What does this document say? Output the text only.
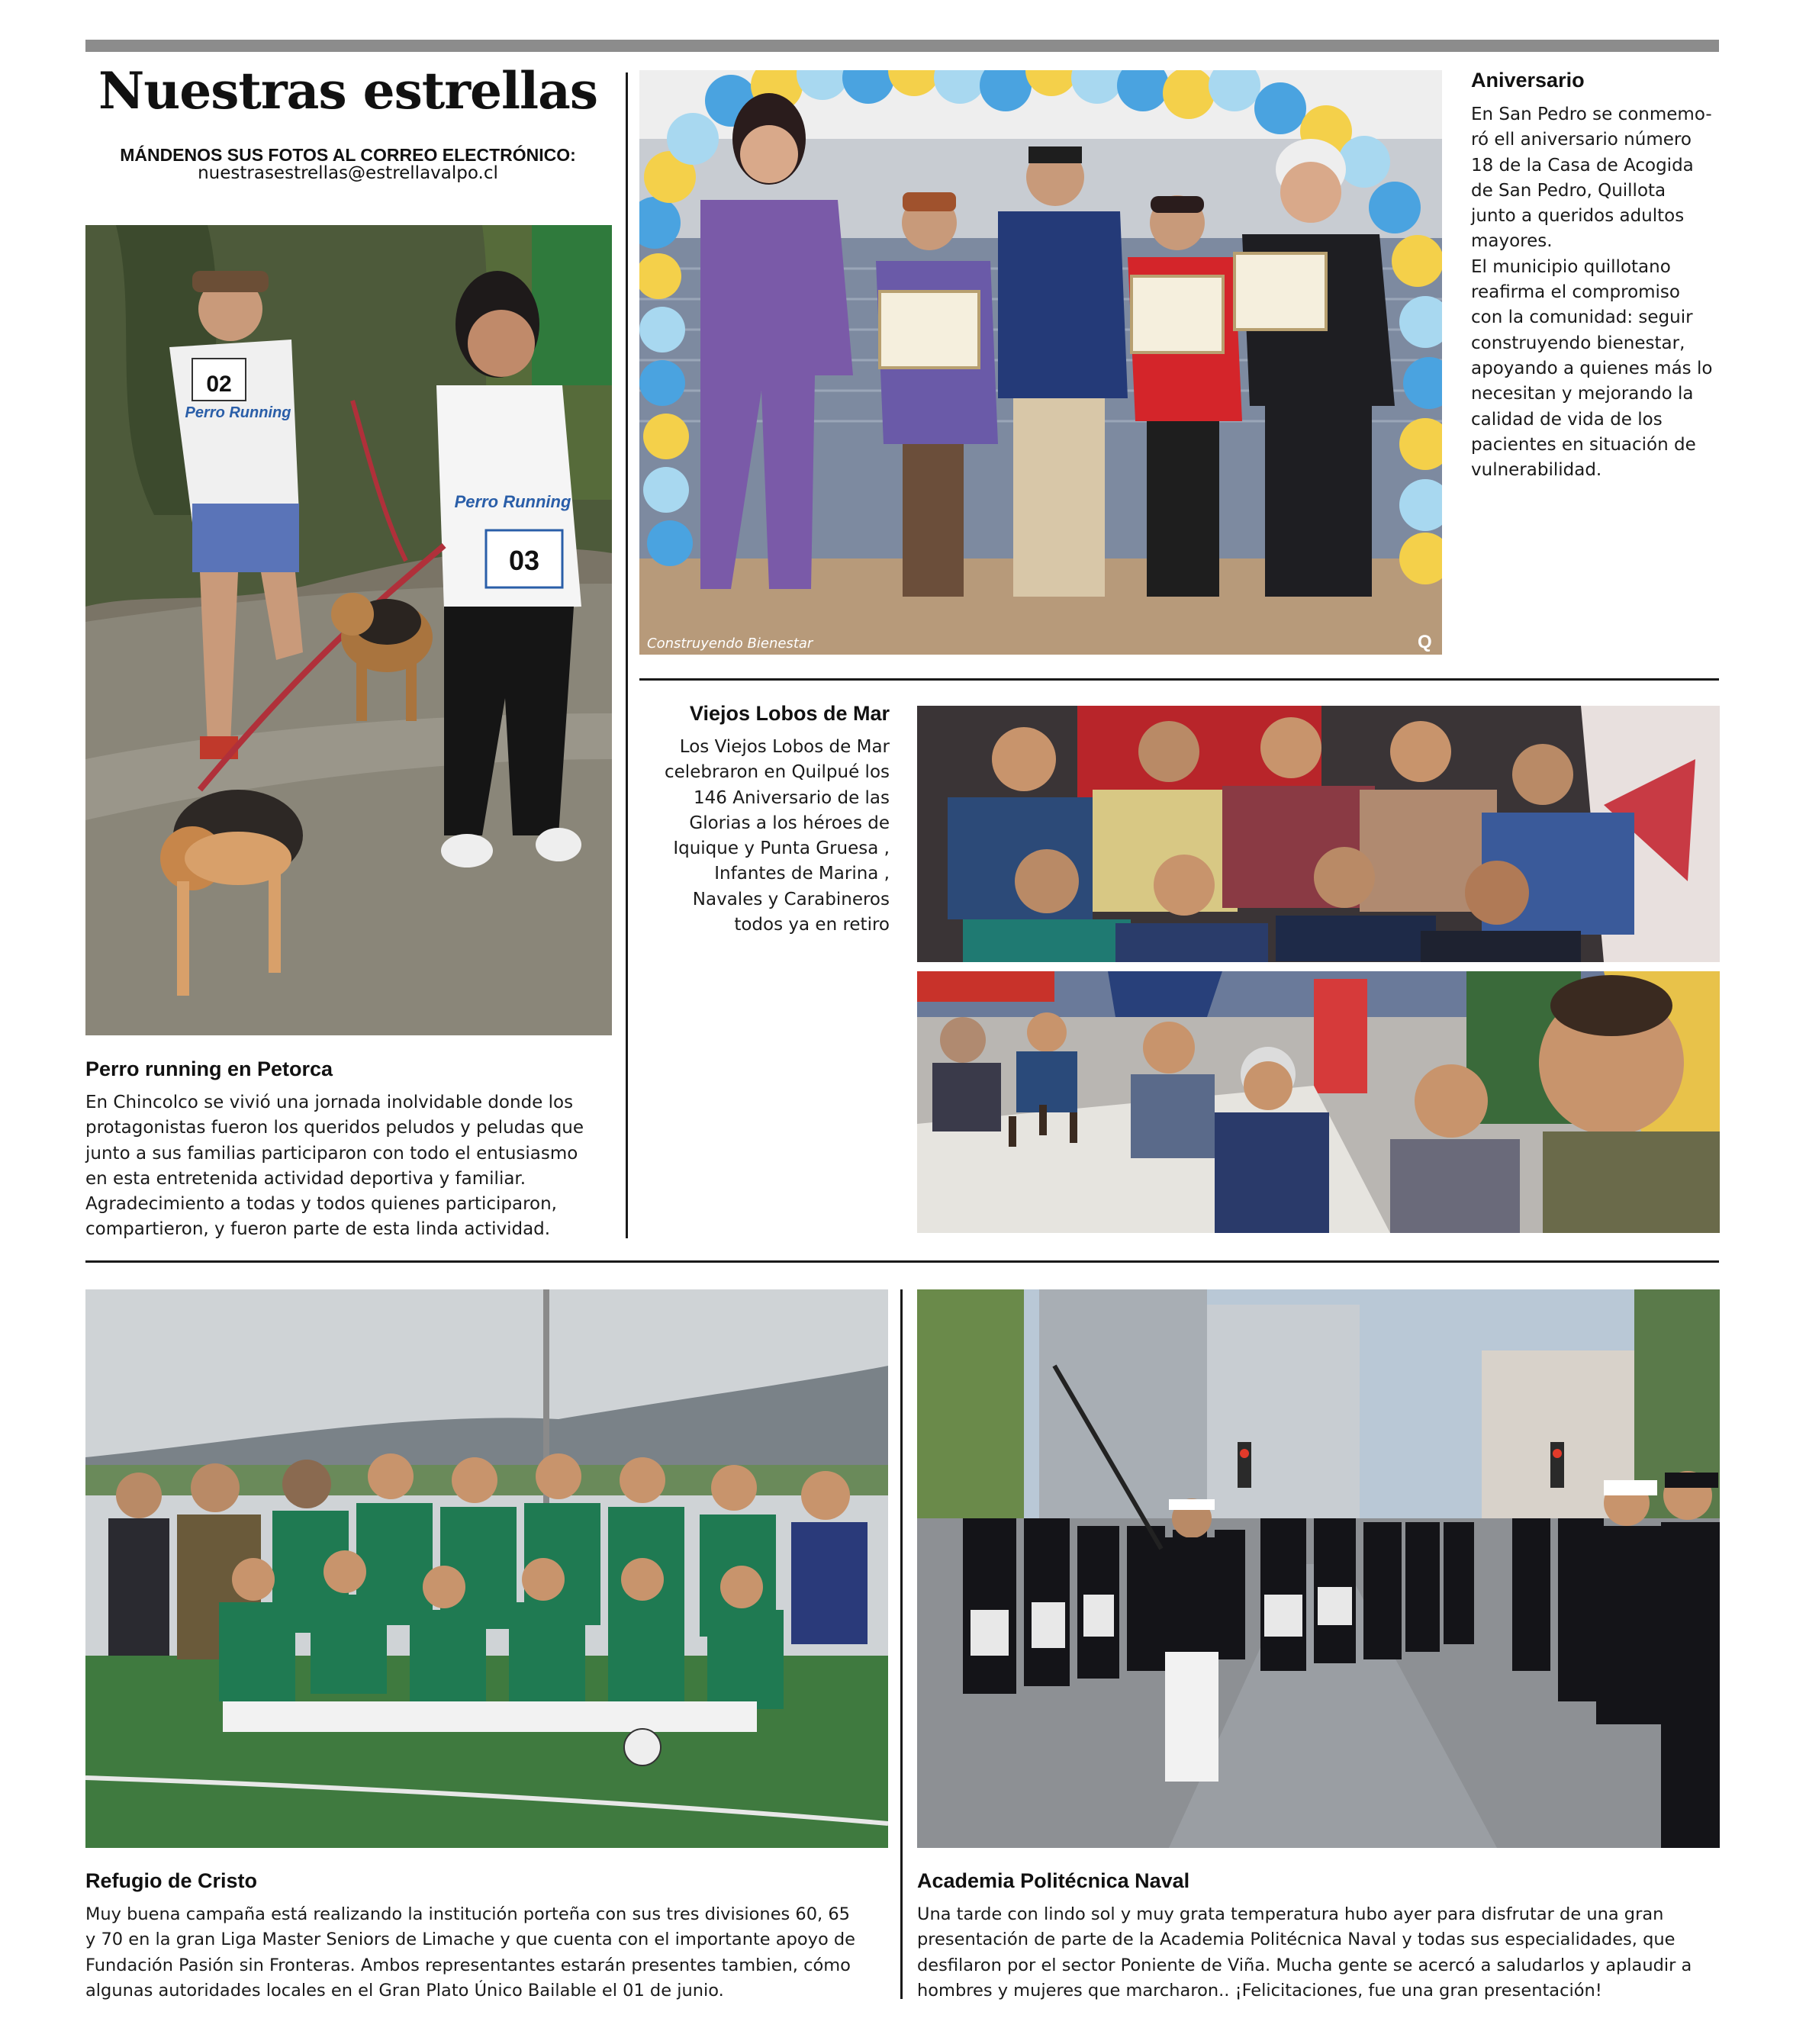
Nuestras estrellas
MÁNDENOS SUS FOTOS AL CORREO ELECTRÓNICO:
nuestrasestrellas@estrellavalpo.cl
02
Perro Running
03
Perro Running
Construyendo Bienestar	Q
Perro running en Petorca
En Chincolco se vivió una jornada inolvidable donde los
protagonistas fueron los queridos peludos y peludas que
junto a sus familias participaron con todo el entusiasmo
en esta entretenida actividad deportiva y familiar.
Agradecimiento a todas y todos quienes participaron,
compartieron, y fueron parte de esta linda actividad.
Aniversario
En San Pedro se conmemo-
ró ell aniversario número
18 de la Casa de Acogida
de San Pedro, Quillota
junto a queridos adultos
mayores.
El municipio quillotano
reafirma el compromiso
con la comunidad: seguir
construyendo bienestar,
apoyando a quienes más lo
necesitan y mejorando la
calidad de vida de los
pacientes en situación de
vulnerabilidad.
Viejos Lobos de Mar
Los Viejos Lobos de Mar
celebraron en Quilpué los
146 Aniversario de las
Glorias a los héroes de
Iquique y Punta Gruesa ,
Infantes de Marina ,
Navales y Carabineros
todos ya en retiro
Refugio de Cristo
Muy buena campaña está realizando la institución porteña con sus tres divisiones 60, 65
y 70 en la gran Liga Master Seniors de Limache y que cuenta con el importante apoyo de
Fundación Pasión sin Fronteras. Ambos representantes estarán presentes tambien, cómo
algunas autoridades locales en el Gran Plato Único Bailable el 01 de junio.
Academia Politécnica Naval
Una tarde con lindo sol y muy grata temperatura hubo ayer para disfrutar de una gran
presentación de parte de la Academia Politécnica Naval y todas sus especialidades, que
desfilaron por el sector Poniente de Viña. Mucha gente se acercó a saludarlos y aplaudir a
hombres y mujeres que marcharon.. ¡Felicitaciones, fue una gran presentación!
